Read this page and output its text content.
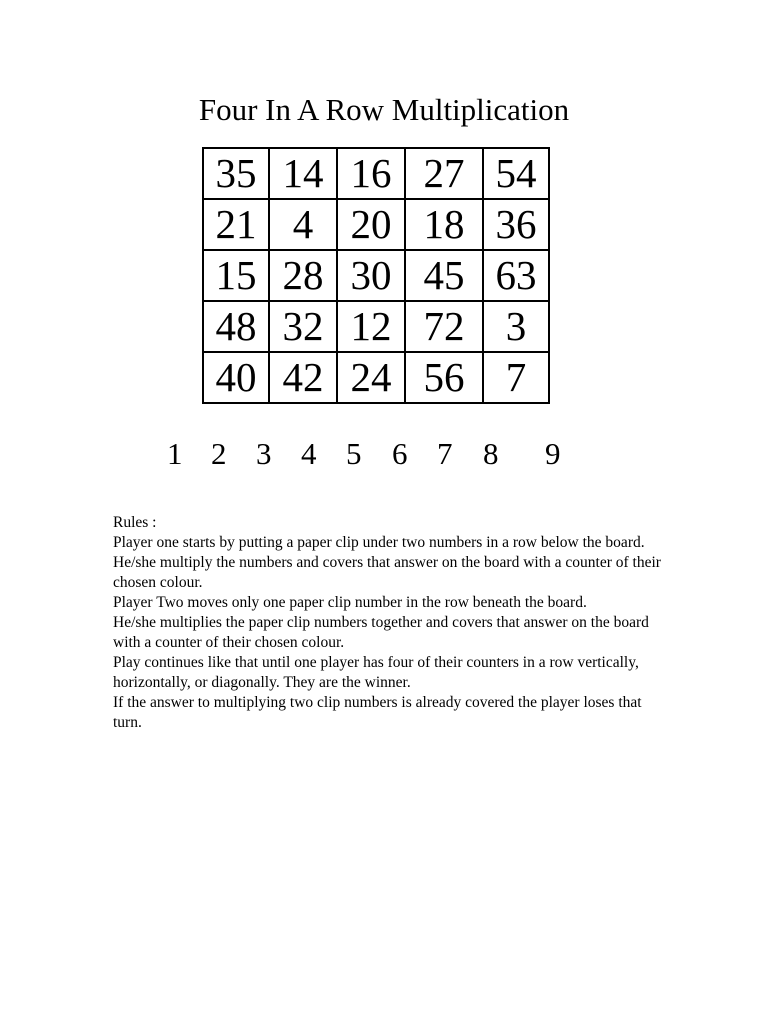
Four In A Row Multiplication
35	14	16	27	54
21	4	20	18	36
15	28	30	45	63
48	32	12	72	3
40	42	24	56	7
1 2 3 4 5 6 7 8 9

Rules :

Player one starts by putting a paper clip under two numbers in a row below the board.

He/she multiply the numbers and covers that answer on the board with a counter of their chosen colour.

Player Two moves only one paper clip number in the row beneath the board.

He/she multiplies the paper clip numbers together and covers that answer on the board with a counter of their chosen colour.

Play continues like that until one player has four of their counters in a row vertically, horizontally, or diagonally. They are the winner.

If the answer to multiplying two clip numbers is already covered the player loses that turn.
